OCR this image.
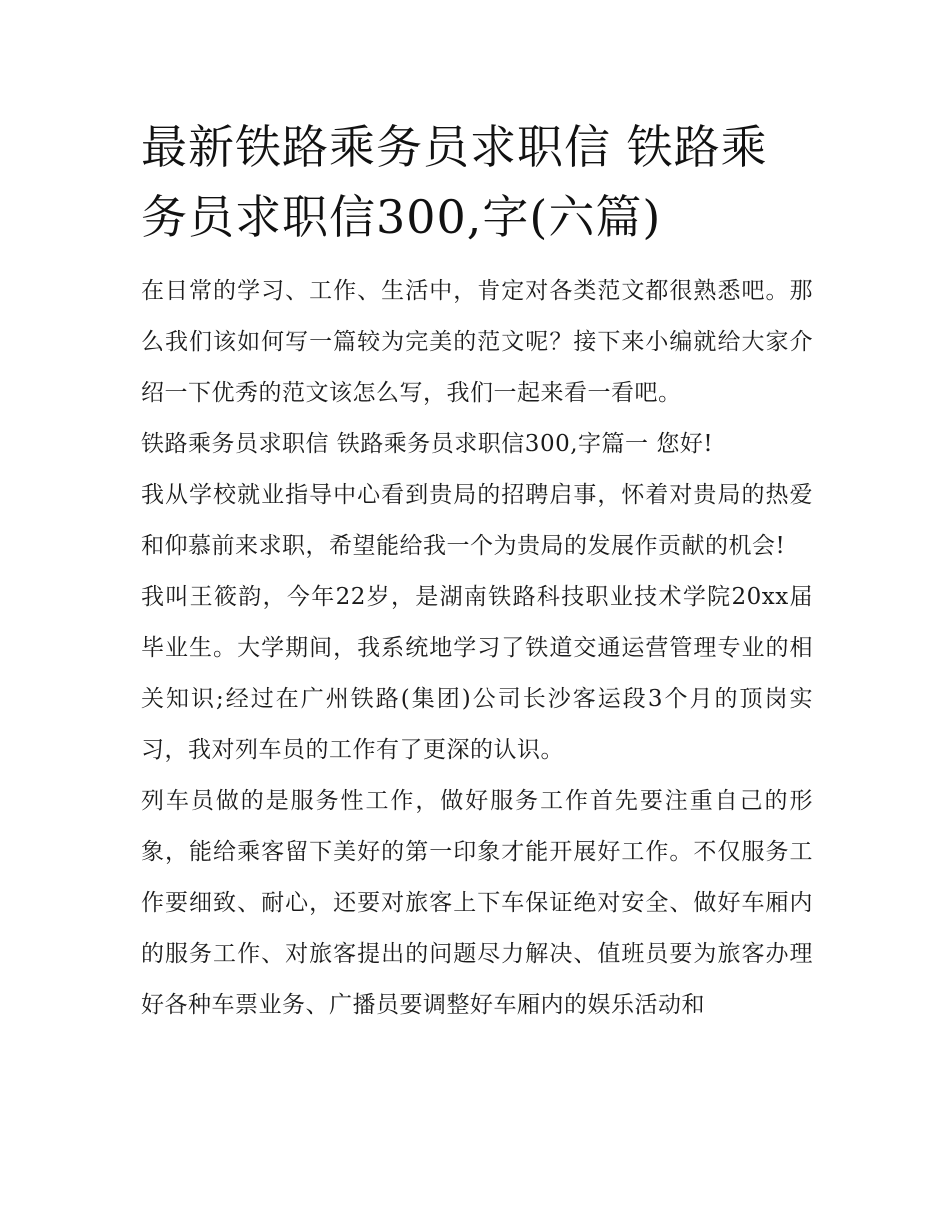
最新铁路乘务员求职信 铁路乘务员求职信300,字(六篇)

在日常的学习、工作、生活中，肯定对各类范文都很熟悉吧。那么我们该如何写一篇较为完美的范文呢？接下来小编就给大家介绍一下优秀的范文该怎么写，我们一起来看一看吧。

铁路乘务员求职信 铁路乘务员求职信300,字篇一 您好!

我从学校就业指导中心看到贵局的招聘启事，怀着对贵局的热爱和仰慕前来求职，希望能给我一个为贵局的发展作贡献的机会!

我叫王筱韵，今年22岁，是湖南铁路科技职业技术学院20xx届毕业生。大学期间，我系统地学习了铁道交通运营管理专业的相关知识;经过在广州铁路(集团)公司长沙客运段3个月的顶岗实习，我对列车员的工作有了更深的认识。

列车员做的是服务性工作，做好服务工作首先要注重自己的形象，能给乘客留下美好的第一印象才能开展好工作。不仅服务工作要细致、耐心，还要对旅客上下车保证绝对安全、做好车厢内的服务工作、对旅客提出的问题尽力解决、值班员要为旅客办理好各种车票业务、广播员要调整好车厢内的娱乐活动和
